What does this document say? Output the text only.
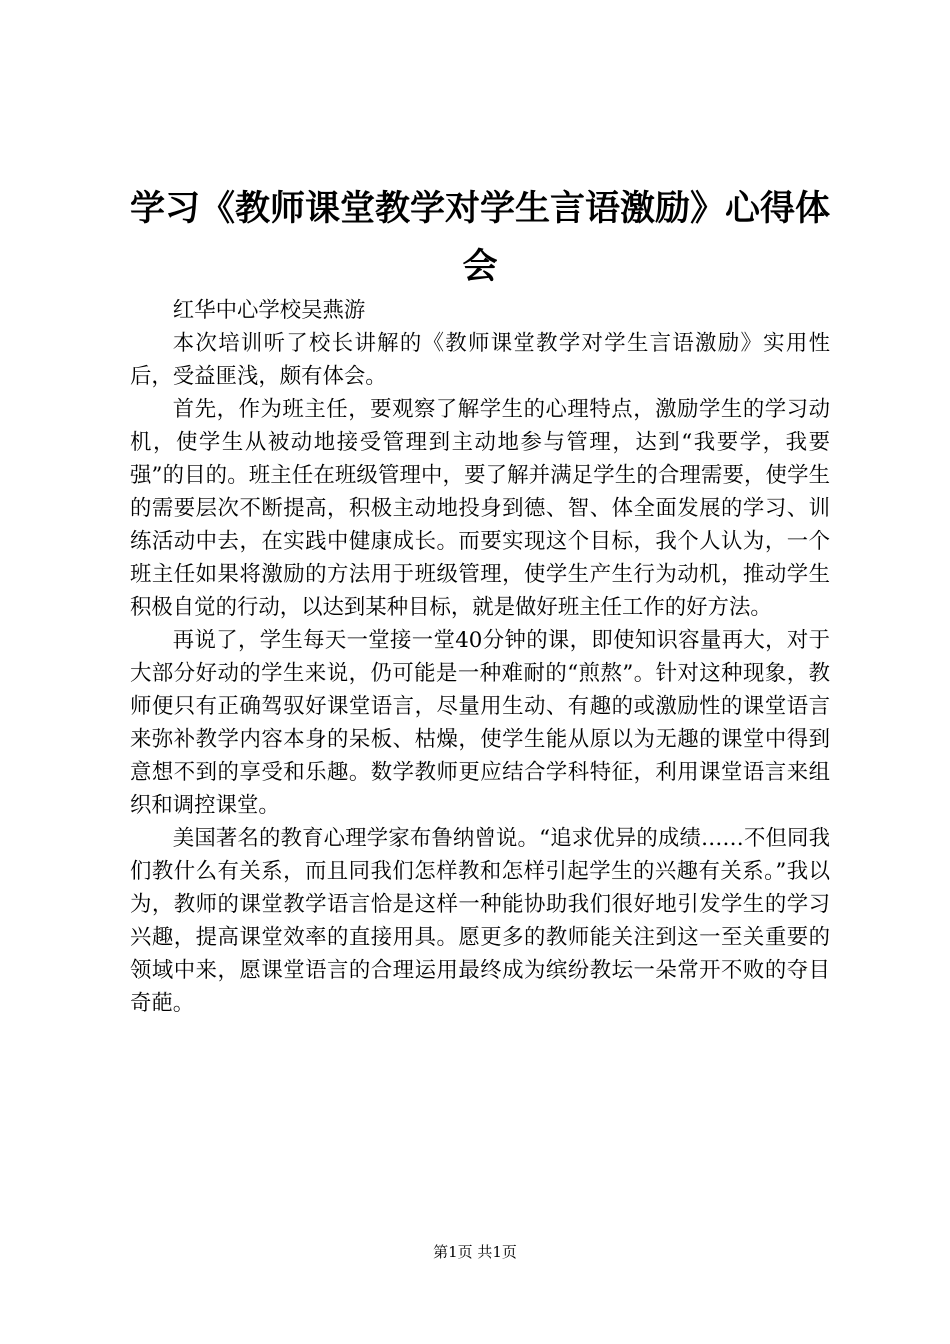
学习《教师课堂教学对学生言语激励》心得体会

红华中心学校吴燕游

本次培训听了校长讲解的《教师课堂教学对学生言语激励》实用性后，受益匪浅，颇有体会。

首先，作为班主任，要观察了解学生的心理特点，激励学生的学习动机，使学生从被动地接受管理到主动地参与管理，达到“我要学，我要强”的目的。班主任在班级管理中，要了解并满足学生的合理需要，使学生的需要层次不断提高，积极主动地投身到德、智、体全面发展的学习、训练活动中去，在实践中健康成长。而要实现这个目标，我个人认为，一个班主任如果将激励的方法用于班级管理，使学生产生行为动机，推动学生积极自觉的行动，以达到某种目标，就是做好班主任工作的好方法。

再说了，学生每天一堂接一堂40分钟的课，即使知识容量再大，对于大部分好动的学生来说，仍可能是一种难耐的“煎熬”。针对这种现象，教师便只有正确驾驭好课堂语言，尽量用生动、有趣的或激励性的课堂语言来弥补教学内容本身的呆板、枯燥，使学生能从原以为无趣的课堂中得到意想不到的享受和乐趣。数学教师更应结合学科特征，利用课堂语言来组织和调控课堂。

美国著名的教育心理学家布鲁纳曾说。“追求优异的成绩……不但同我们教什么有关系，而且同我们怎样教和怎样引起学生的兴趣有关系。”我以为，教师的课堂教学语言恰是这样一种能协助我们很好地引发学生的学习兴趣，提高课堂效率的直接用具。愿更多的教师能关注到这一至关重要的领域中来，愿课堂语言的合理运用最终成为缤纷教坛一朵常开不败的夺目奇葩。

第1页 共1页
